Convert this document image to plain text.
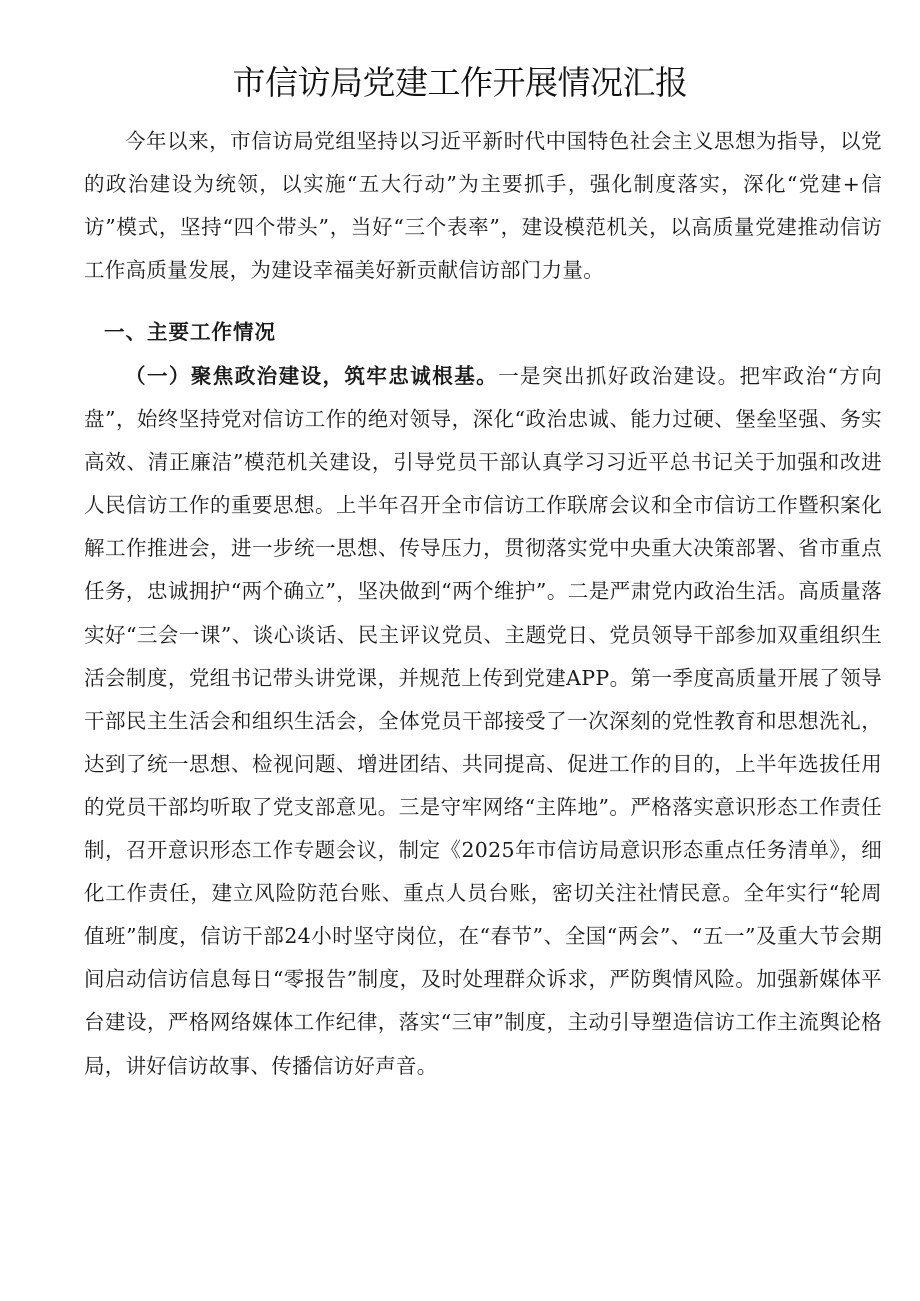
市信访局党建工作开展情况汇报

今年以来，市信访局党组坚持以习近平新时代中国特色社会主义思想为指导，以党的政治建设为统领，以实施“五大行动”为主要抓手，强化制度落实，深化“党建+信访”模式，坚持“四个带头”，当好“三个表率”，建设模范机关，以高质量党建推动信访工作高质量发展，为建设幸福美好新贡献信访部门力量。

一、主要工作情况

（一）聚焦政治建设，筑牢忠诚根基。一是突出抓好政治建设。把牢政治“方向盘”，始终坚持党对信访工作的绝对领导，深化“政治忠诚、能力过硬、堡垒坚强、务实高效、清正廉洁”模范机关建设，引导党员干部认真学习习近平总书记关于加强和改进人民信访工作的重要思想。上半年召开全市信访工作联席会议和全市信访工作暨积案化解工作推进会，进一步统一思想、传导压力，贯彻落实党中央重大决策部署、省市重点任务，忠诚拥护“两个确立”，坚决做到“两个维护”。二是严肃党内政治生活。高质量落实好“三会一课”、谈心谈话、民主评议党员、主题党日、党员领导干部参加双重组织生活会制度，党组书记带头讲党课，并规范上传到党建APP。第一季度高质量开展了领导干部民主生活会和组织生活会，全体党员干部接受了一次深刻的党性教育和思想洗礼，达到了统一思想、检视问题、增进团结、共同提高、促进工作的目的，上半年选拔任用的党员干部均听取了党支部意见。三是守牢网络“主阵地”。严格落实意识形态工作责任制，召开意识形态工作专题会议，制定《2025年市信访局意识形态重点任务清单》，细化工作责任，建立风险防范台账、重点人员台账，密切关注社情民意。全年实行“轮周值班”制度，信访干部24小时坚守岗位，在“春节”、全国“两会”、“五一”及重大节会期间启动信访信息每日“零报告”制度，及时处理群众诉求，严防舆情风险。加强新媒体平台建设，严格网络媒体工作纪律，落实“三审”制度，主动引导塑造信访工作主流舆论格局，讲好信访故事、传播信访好声音。
